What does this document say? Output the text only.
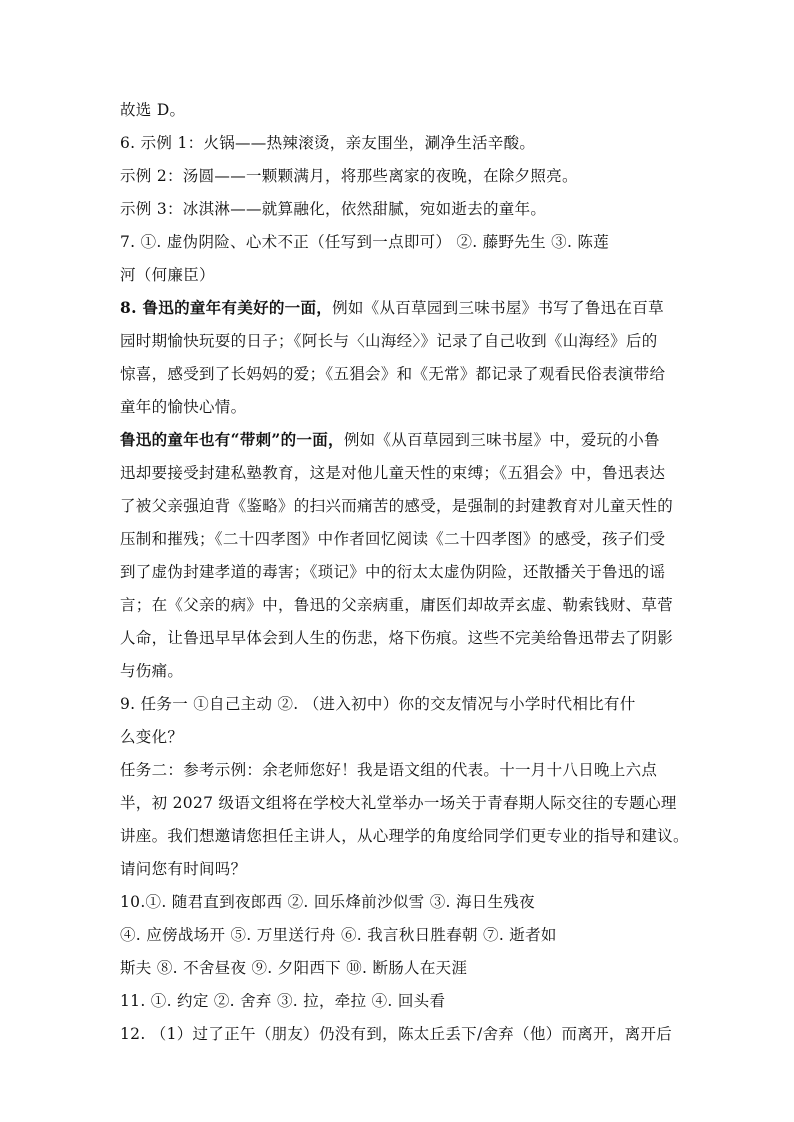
故选 D。
6. 示例 1：火锅——热辣滚烫，亲友围坐，涮净生活辛酸。
示例 2：汤圆——一颗颗满月，将那些离家的夜晚，在除夕照亮。
示例 3：冰淇淋——就算融化，依然甜腻，宛如逝去的童年。
7. ①. 虚伪阴险、心术不正（任写到一点即可） ②. 藤野先生 ③. 陈莲
河（何廉臣）
8. 鲁迅的童年有美好的一面，例如《从百草园到三味书屋》书写了鲁迅在百草
园时期愉快玩耍的日子；《阿长与〈山海经〉》记录了自己收到《山海经》后的
惊喜，感受到了长妈妈的爱；《五猖会》和《无常》都记录了观看民俗表演带给
童年的愉快心情。
鲁迅的童年也有“带刺”的一面，例如《从百草园到三味书屋》中，爱玩的小鲁
迅却要接受封建私塾教育，这是对他儿童天性的束缚；《五猖会》中，鲁迅表达
了被父亲强迫背《鉴略》的扫兴而痛苦的感受，是强制的封建教育对儿童天性的
压制和摧残；《二十四孝图》中作者回忆阅读《二十四孝图》的感受，孩子们受
到了虚伪封建孝道的毒害；《琐记》中的衍太太虚伪阴险，还散播关于鲁迅的谣
言；在《父亲的病》中，鲁迅的父亲病重，庸医们却故弄玄虚、勒索钱财、草菅
人命，让鲁迅早早体会到人生的伤悲，烙下伤痕。这些不完美给鲁迅带去了阴影
与伤痛。
9. 任务一 ①自己主动 ②. （进入初中）你的交友情况与小学时代相比有什
么变化？
任务二：参考示例：余老师您好！我是语文组的代表。十一月十八日晚上六点
半，初 2027 级语文组将在学校大礼堂举办一场关于青春期人际交往的专题心理
讲座。我们想邀请您担任主讲人，从心理学的角度给同学们更专业的指导和建议。
请问您有时间吗？
10.①. 随君直到夜郎西 ②. 回乐烽前沙似雪 ③. 海日生残夜
④. 应傍战场开 ⑤. 万里送行舟 ⑥. 我言秋日胜春朝 ⑦. 逝者如
斯夫 ⑧. 不舍昼夜 ⑨. 夕阳西下 ⑩. 断肠人在天涯
11. ①. 约定 ②. 舍弃 ③. 拉，牵拉 ④. 回头看
12. （1）过了正午（朋友）仍没有到，陈太丘丢下/舍弃（他）而离开，离开后
